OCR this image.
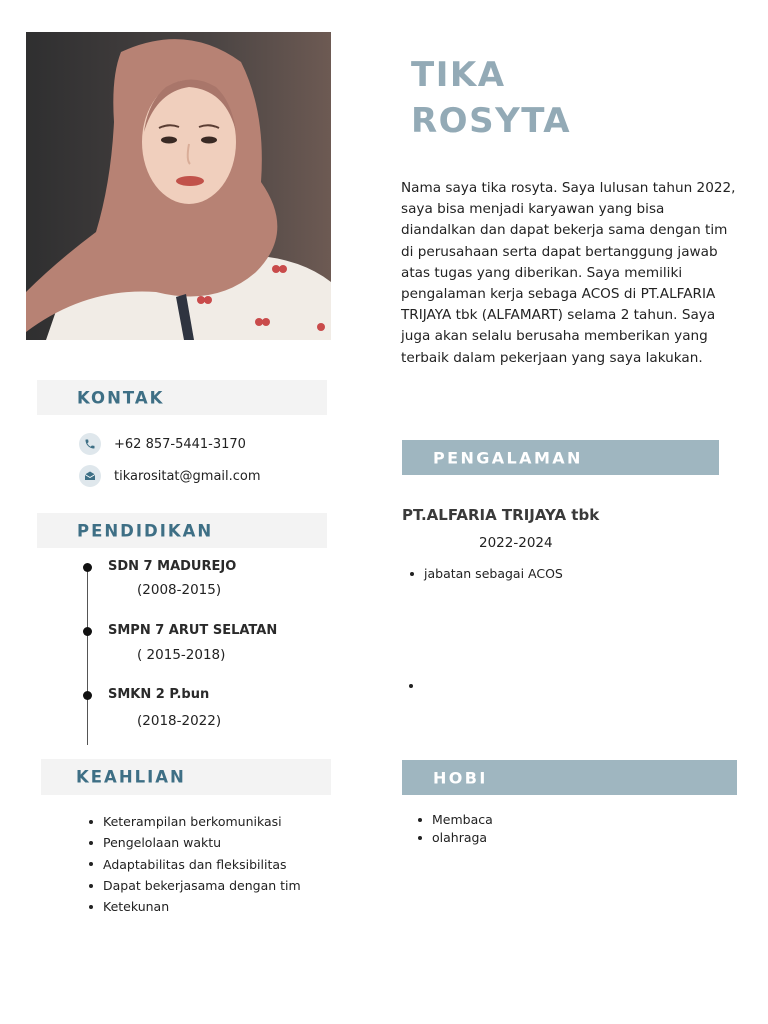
TIKA
ROSYTA

Nama saya tika rosyta. Saya lulusan tahun 2022, saya bisa menjadi karyawan yang bisa diandalkan dan dapat bekerja sama dengan tim di perusahaan serta dapat bertanggung jawab atas tugas yang diberikan. Saya memiliki pengalaman kerja sebaga ACOS di PT.ALFARIA TRIJAYA tbk (ALFAMART) selama 2 tahun. Saya juga akan selalu berusaha memberikan yang terbaik dalam pekerjaan yang saya lakukan.

KONTAK
+62 857-5441-3170
tikarositat@gmail.com
PENDIDIKAN
SDN 7 MADUREJO
(2008-2015)
SMPN 7 ARUT SELATAN
( 2015-2018)
SMKN 2 P.bun
(2018-2022)
PENGALAMAN
PT.ALFARIA TRIJAYA tbk
2022-2024
jabatan sebagai ACOS
KEAHLIAN
Keterampilan berkomunikasi
Pengelolaan waktu
Adaptabilitas dan fleksibilitas
Dapat bekerjasama dengan tim
Ketekunan
HOBI
Membaca
olahraga
